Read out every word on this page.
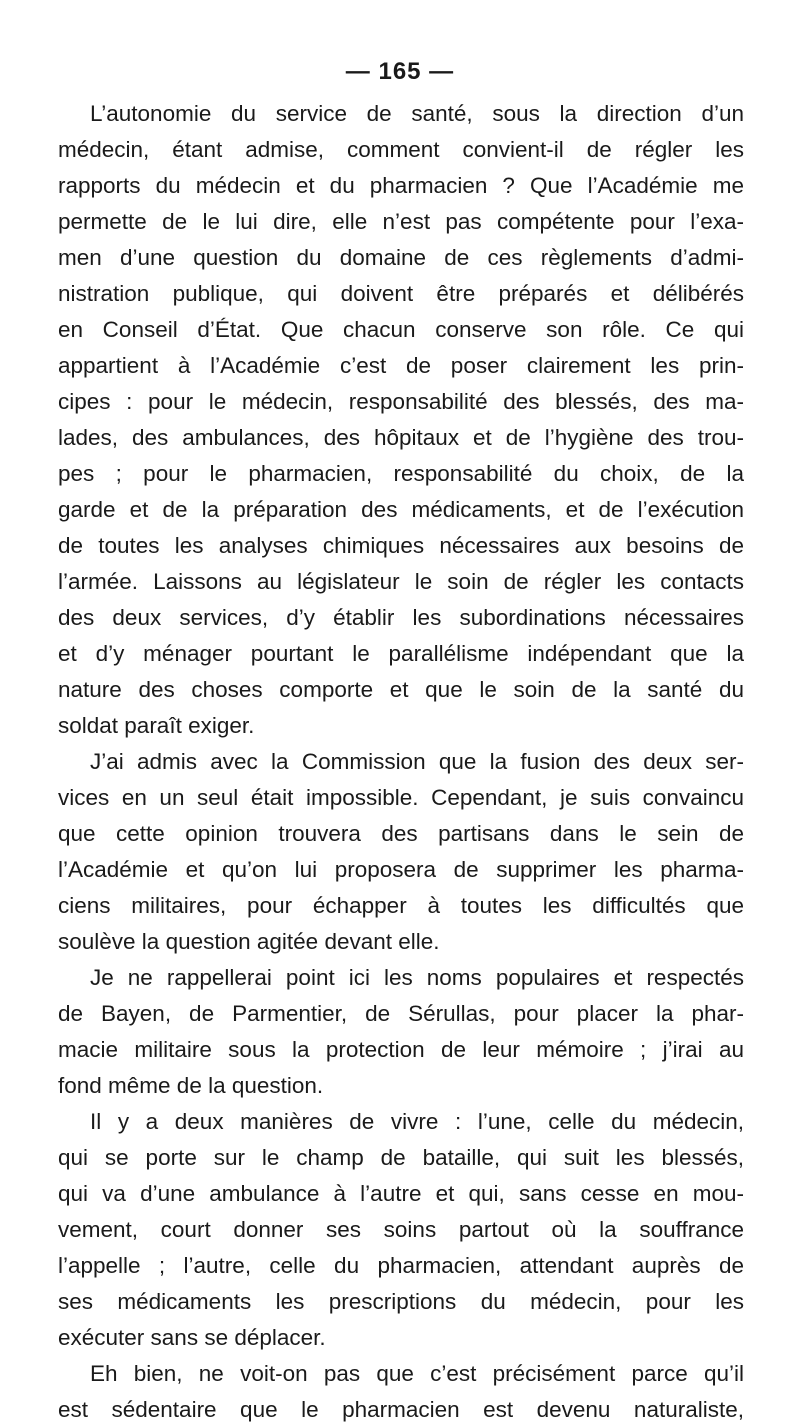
— 165 —
L’autonomie du service de santé, sous la direction d’un
médecin, étant admise, comment convient-il de régler les
rapports du médecin et du pharmacien ? Que l’Académie me
permette de le lui dire, elle n’est pas compétente pour l’exa-
men d’une question du domaine de ces règlements d’admi-
nistration publique, qui doivent être préparés et délibérés
en Conseil d’État. Que chacun conserve son rôle. Ce qui
appartient à l’Académie c’est de poser clairement les prin-
cipes : pour le médecin, responsabilité des blessés, des ma-
lades, des ambulances, des hôpitaux et de l’hygiène des trou-
pes ; pour le pharmacien, responsabilité du choix, de la
garde et de la préparation des médicaments, et de l’exécution
de toutes les analyses chimiques nécessaires aux besoins de
l’armée. Laissons au législateur le soin de régler les contacts
des deux services, d’y établir les subordinations nécessaires
et d’y ménager pourtant le parallélisme indépendant que la
nature des choses comporte et que le soin de la santé du
soldat paraît exiger.
J’ai admis avec la Commission que la fusion des deux ser-
vices en un seul était impossible. Cependant, je suis convaincu
que cette opinion trouvera des partisans dans le sein de
l’Académie et qu’on lui proposera de supprimer les pharma-
ciens militaires, pour échapper à toutes les difficultés que
soulève la question agitée devant elle.
Je ne rappellerai point ici les noms populaires et respectés
de Bayen, de Parmentier, de Sérullas, pour placer la phar-
macie militaire sous la protection de leur mémoire ; j’irai au
fond même de la question.
Il y a deux manières de vivre : l’une, celle du médecin,
qui se porte sur le champ de bataille, qui suit les blessés,
qui va d’une ambulance à l’autre et qui, sans cesse en mou-
vement, court donner ses soins partout où la souffrance
l’appelle ; l’autre, celle du pharmacien, attendant auprès de
ses médicaments les prescriptions du médecin, pour les
exécuter sans se déplacer.
Eh bien, ne voit-on pas que c’est précisément parce qu’il
est sédentaire que le pharmacien est devenu naturaliste,
